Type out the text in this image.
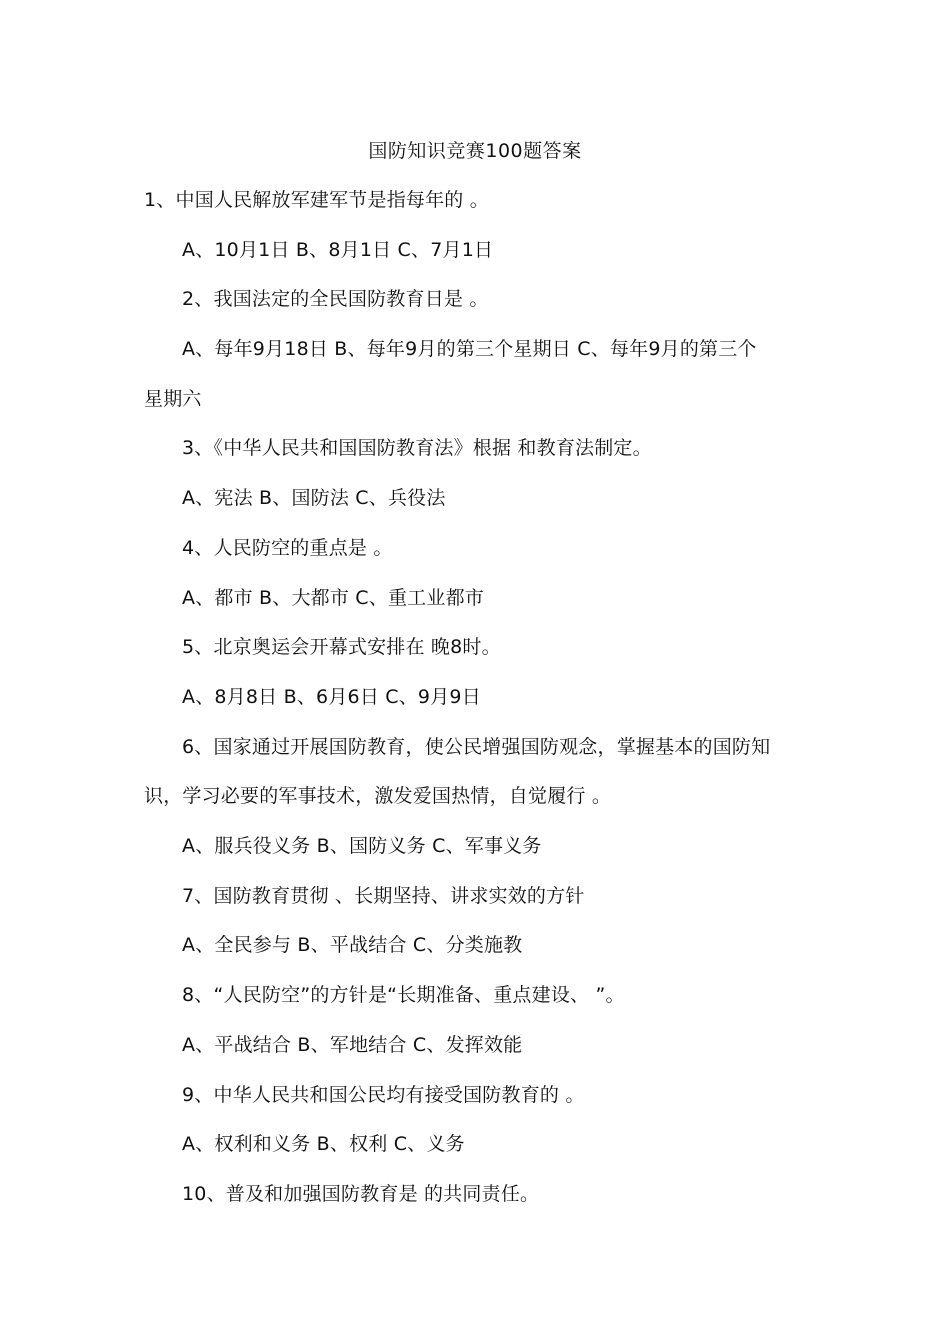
国防知识竞赛100题答案
1、中国人民解放军建军节是指每年的 。
A、10月1日 B、8月1日 C、7月1日
2、我国法定的全民国防教育日是 。
A、每年9月18日 B、每年9月的第三个星期日 C、每年9月的第三个
星期六
3、《中华人民共和国国防教育法》根据 和教育法制定。
A、宪法 B、国防法 C、兵役法
4、人民防空的重点是 。
A、都市 B、大都市 C、重工业都市
5、北京奥运会开幕式安排在 晚8时。
A、8月8日 B、6月6日 C、9月9日
6、国家通过开展国防教育，使公民增强国防观念，掌握基本的国防知
识，学习必要的军事技术，激发爱国热情，自觉履行 。
A、服兵役义务 B、国防义务 C、军事义务
7、国防教育贯彻 、长期坚持、讲求实效的方针
A、全民参与 B、平战结合 C、分类施教
8、“人民防空”的方针是“长期准备、重点建设、 ”。
A、平战结合 B、军地结合 C、发挥效能
9、中华人民共和国公民均有接受国防教育的 。
A、权利和义务 B、权利 C、义务
10、普及和加强国防教育是 的共同责任。
